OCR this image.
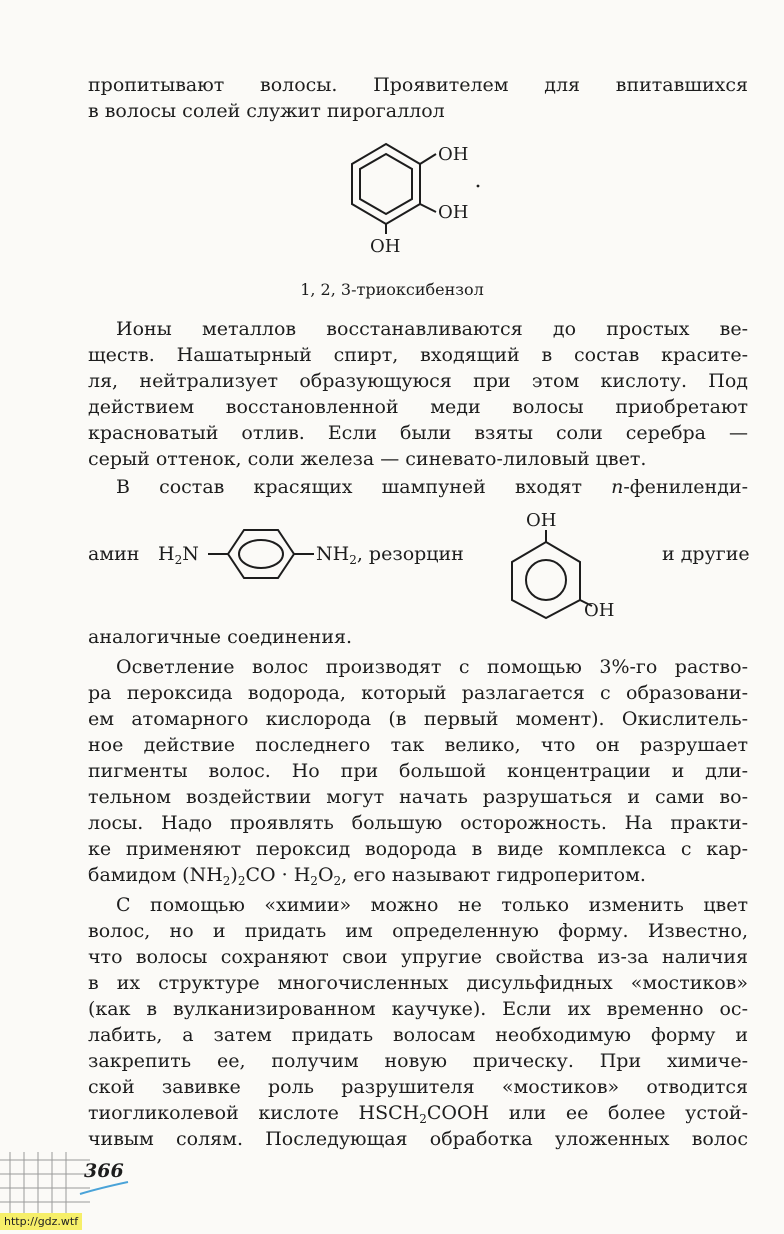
пропитывают волосы. Проявителем для впитавшихся
в волосы солей служит пирогаллол
OH
OH
OH
1, 2, 3-триоксибензол
Ионы металлов восстанавливаются до простых ве-
ществ. Нашатырный спирт, входящий в состав красите-
ля, нейтрализует образующуюся при этом кислоту. Под
действием восстановленной меди волосы приобретают
красноватый отлив. Если были взяты соли серебра —
серый оттенок, соли железа — синевато-лиловый цвет.
В состав красящих шампуней входят п-фениленди-
амин $H_2N$	$NH_2$, резорцин
OH
OH
и другие
аналогичные соединения.
Осветление волос производят с помощью 3%-го раство-
ра пероксида водорода, который разлагается с образовани-
ем атомарного кислорода (в первый момент). Окислитель-
ное действие последнего так велико, что он разрушает
пигменты волос. Но при большой концентрации и дли-
тельном воздействии могут начать разрушаться и сами во-
лосы. Надо проявлять большую осторожность. На практи-
ке применяют пероксид водорода в виде комплекса с кар-
бамидом $(NH_2)_2CO \cdot H_2O_2$, его называют гидроперитом.
С помощью «химии» можно не только изменить цвет
волос, но и придать им определенную форму. Известно,
что волосы сохраняют свои упругие свойства из-за наличия
в их структуре многочисленных дисульфидных «мостиков»
(как в вулканизированном каучуке). Если их временно ос-
лабить, а затем придать волосам необходимую форму и
закрепить ее, получим новую прическу. При химиче-
ской завивке роль разрушителя «мостиков» отводится
тиогликолевой кислоте $HSCH_2COOH$ или ее более устой-
чивым солям. Последующая обработка уложенных волос
366
http://gdz.wtf
